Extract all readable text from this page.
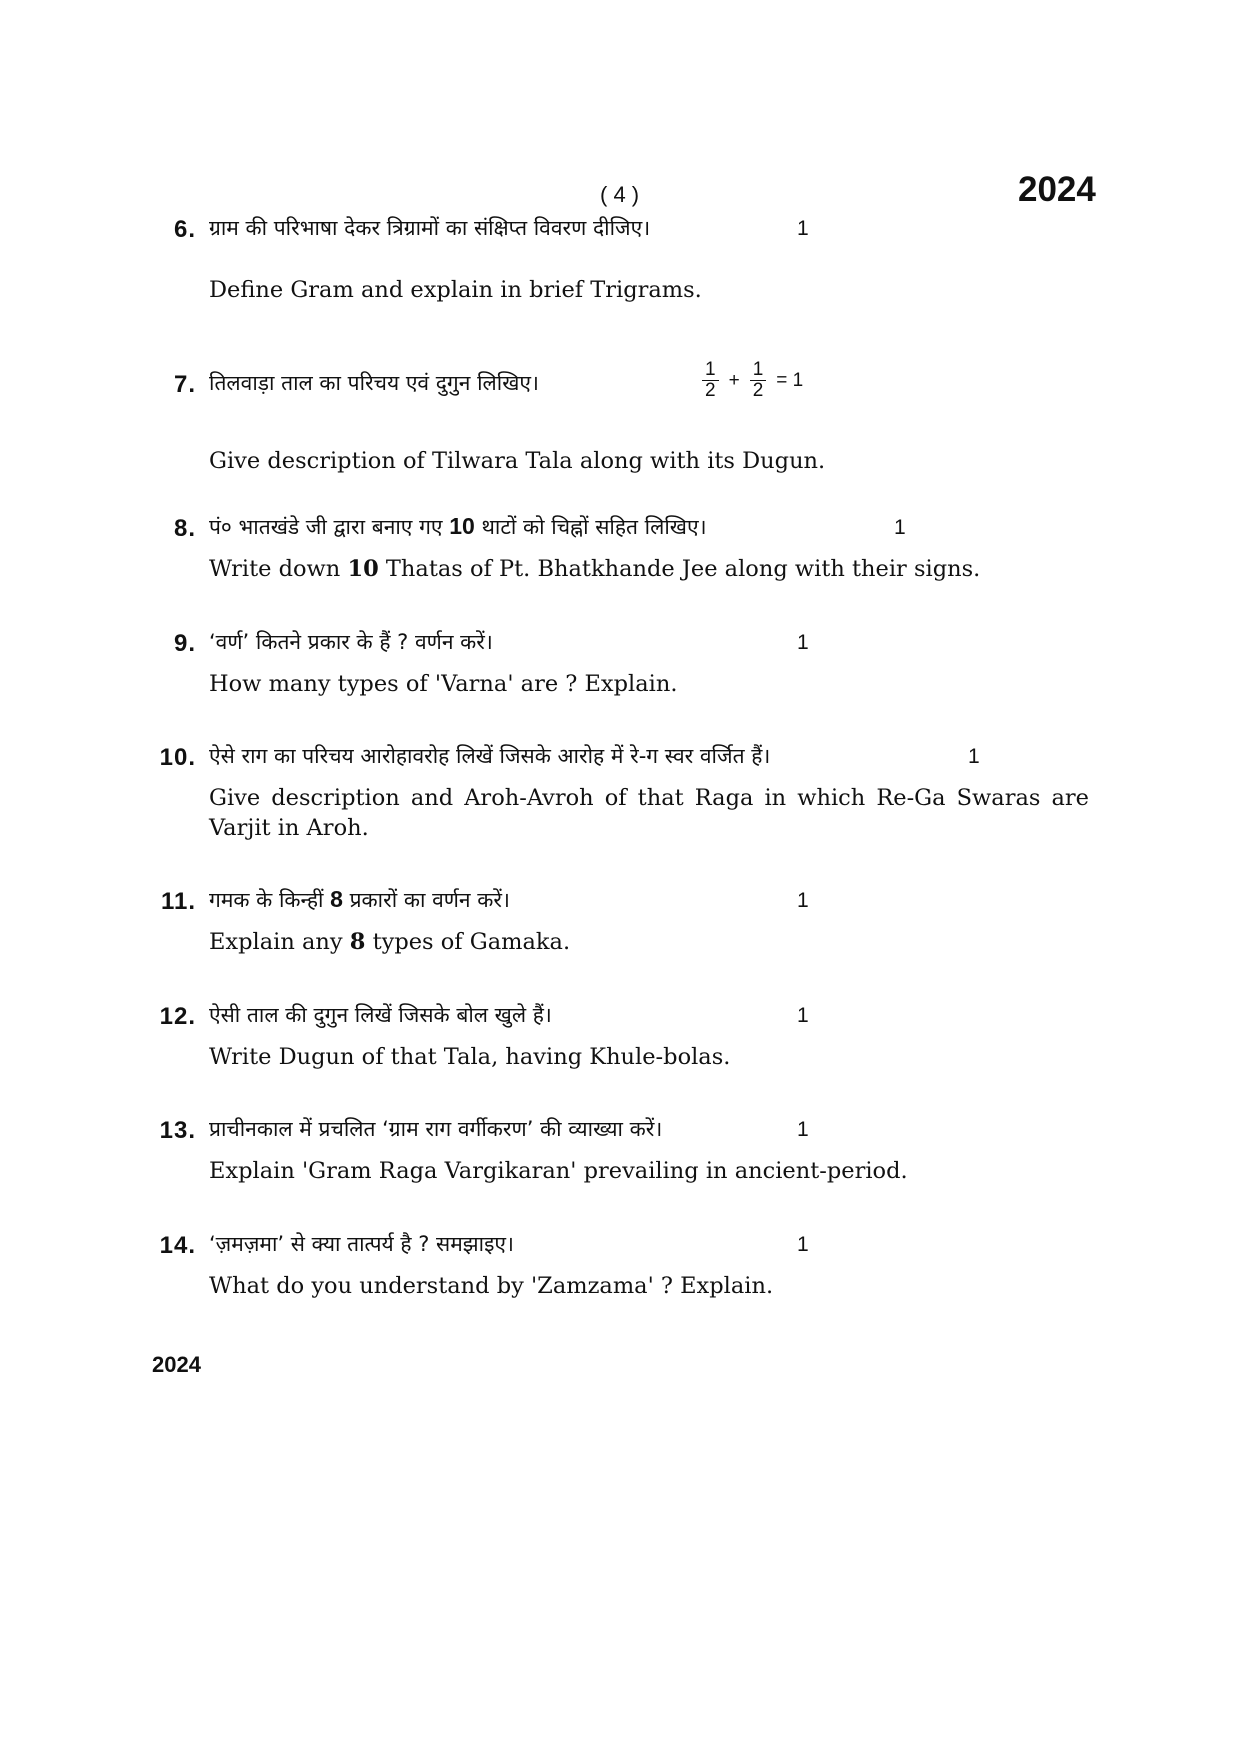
( 4 )	2024
6. ग्राम की परिभाषा देकर त्रिग्रामों का संक्षिप्त विवरण दीजिए।	1
Define Gram and explain in brief Trigrams.
7. तिलवाड़ा ताल का परिचय एवं दुगुन लिखिए।	$\frac{1}{2} + \frac{1}{2} = 1$
Give description of Tilwara Tala along with its Dugun.
8. पं० भातखंडे जी द्वारा बनाए गए 10 थाटों को चिह्नों सहित लिखिए।	1
Write down 10 Thatas of Pt. Bhatkhande Jee along with their signs.
9. ‘वर्ण’ कितने प्रकार के हैं ? वर्णन करें।	1
How many types of 'Varna' are ? Explain.
10. ऐसे राग का परिचय आरोहावरोह लिखें जिसके आरोह में रे-ग स्वर वर्जित हैं।	1
Give description and Aroh-Avroh of that Raga in which Re-Ga Swaras are Varjit in Aroh.
11. गमक के किन्हीं 8 प्रकारों का वर्णन करें।	1
Explain any 8 types of Gamaka.
12. ऐसी ताल की दुगुन लिखें जिसके बोल खुले हैं।	1
Write Dugun of that Tala, having Khule-bolas.
13. प्राचीनकाल में प्रचलित ‘ग्राम राग वर्गीकरण’ की व्याख्या करें।	1
Explain 'Gram Raga Vargikaran' prevailing in ancient-period.
14. ‘ज़मज़मा’ से क्या तात्पर्य है ? समझाइए।	1
What do you understand by 'Zamzama' ? Explain.
2024
